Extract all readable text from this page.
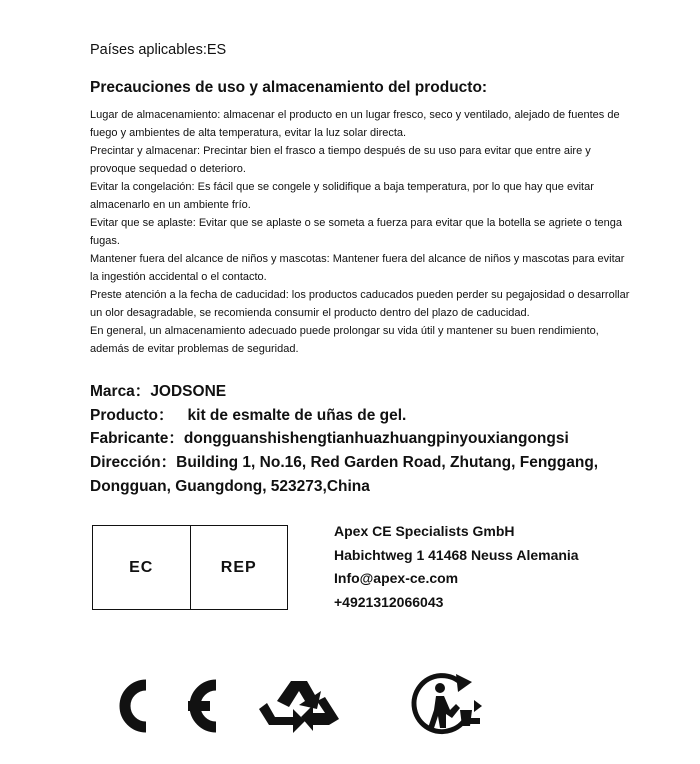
Países aplicables:ES
Precauciones de uso y almacenamiento del producto:
Lugar de almacenamiento: almacenar el producto en un lugar fresco, seco y ventilado, alejado de fuentes de
fuego y ambientes de alta temperatura, evitar la luz solar directa.
Precintar y almacenar: Precintar bien el frasco a tiempo después de su uso para evitar que entre aire y
provoque sequedad o deterioro.
Evitar la congelación: Es fácil que se congele y solidifique a baja temperatura, por lo que hay que evitar
almacenarlo en un ambiente frío.
Evitar que se aplaste: Evitar que se aplaste o se someta a fuerza para evitar que la botella se agriete o tenga
fugas.
Mantener fuera del alcance de niños y mascotas: Mantener fuera del alcance de niños y mascotas para evitar
la ingestión accidental o el contacto.
Preste atención a la fecha de caducidad: los productos caducados pueden perder su pegajosidad o desarrollar
un olor desagradable, se recomienda consumir el producto dentro del plazo de caducidad.
En general, un almacenamiento adecuado puede prolongar su vida útil y mantener su buen rendimiento,
además de evitar problemas de seguridad.
Marca：JODSONE
Producto： kit de esmalte de uñas de gel.
Fabricante：dongguanshishengtianhuazhuangpinyouxiangongsi
Dirección：Building 1, No.16, Red Garden Road, Zhutang, Fenggang,
Dongguan, Guangdong, 523273,China
EC	REP
Apex CE Specialists GmbH
Habichtweg 1 41468 Neuss Alemania
Info@apex-ce.com
+4921312066043
